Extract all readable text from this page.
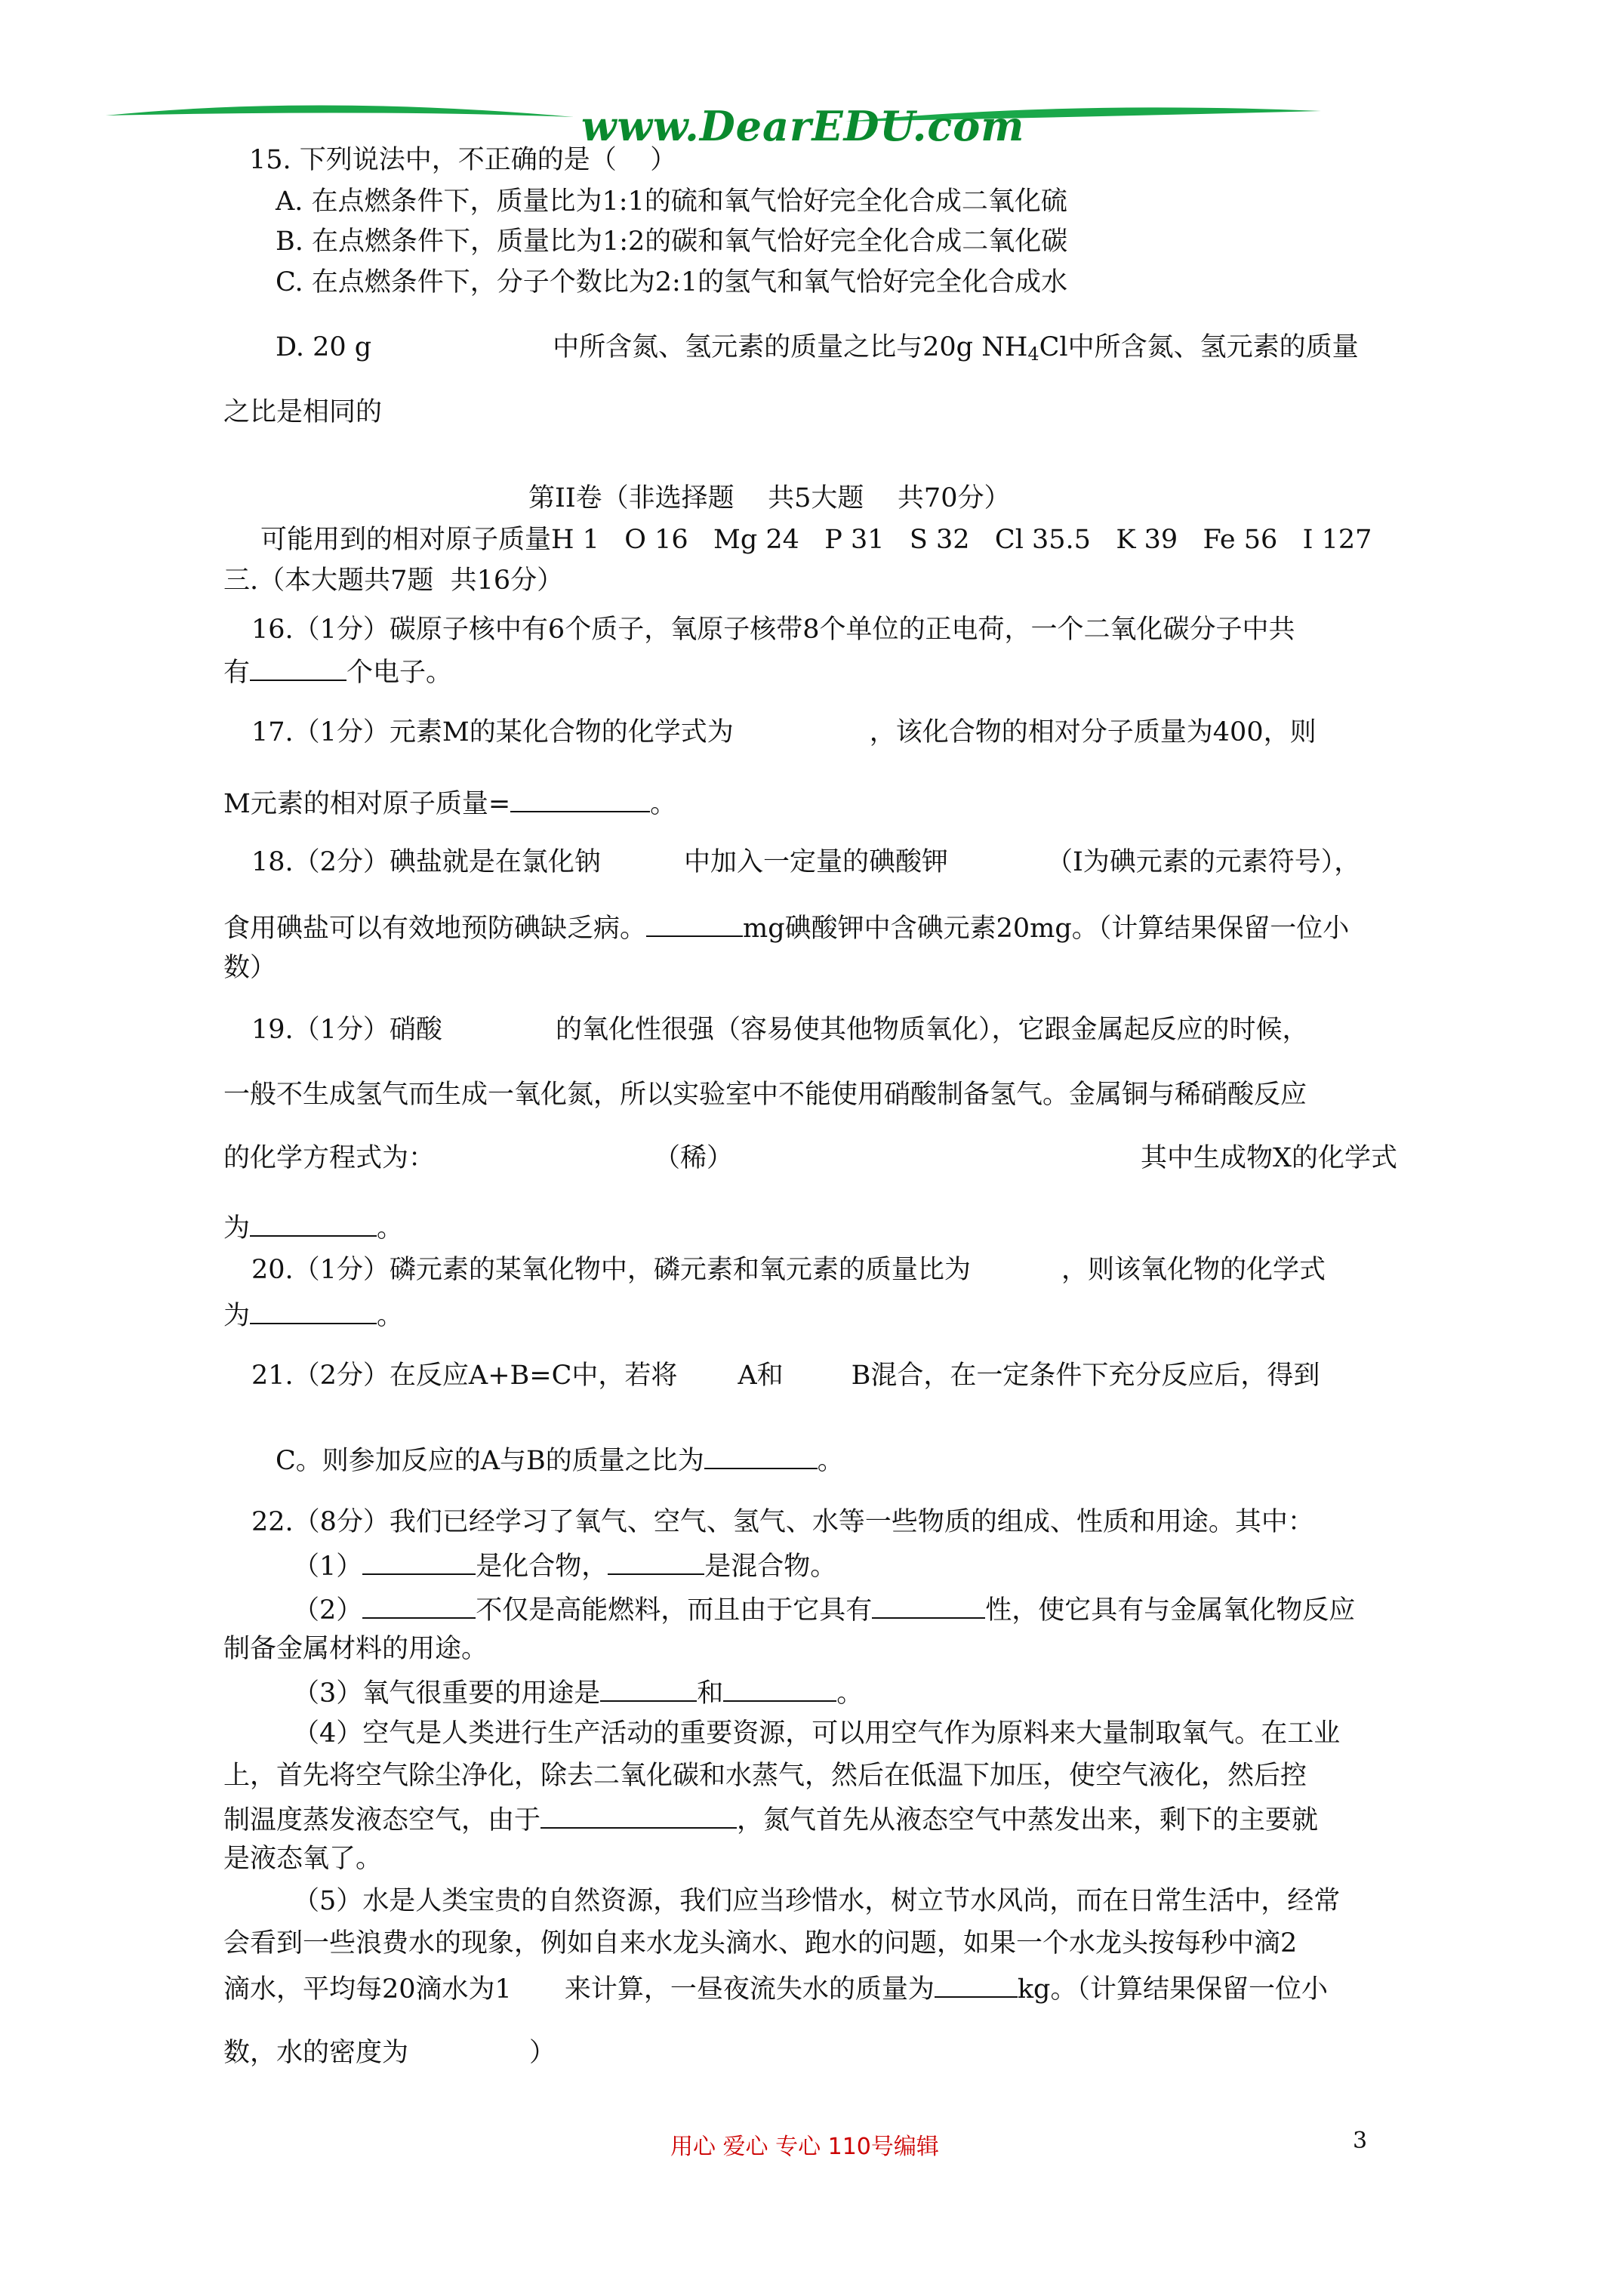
www.DearEDU.com
15. 下列说法中，不正确的是（    ）
A. 在点燃条件下，质量比为1:1的硫和氧气恰好完全化合成二氧化硫
B. 在点燃条件下，质量比为1:2的碳和氧气恰好完全化合成二氧化碳
C. 在点燃条件下，分子个数比为2:1的氢气和氧气恰好完全化合成水
D. 20 g	中所含氮、氢元素的质量之比与20g $NH_4Cl$中所含氮、氢元素的质量
之比是相同的
第II卷（非选择题    共5大题    共70分）
可能用到的相对原子质量H 1   O 16   Mg 24   P 31   S 32   Cl 35.5   K 39   Fe 56   I 127
三.（本大题共7题  共16分）
16.（1分）碳原子核中有6个质子，氧原子核带8个单位的正电荷，一个二氧化碳分子中共
有	个电子。
17.（1分）元素M的某化合物的化学式为	，该化合物的相对分子质量为400，则
M元素的相对原子质量=	。
18.（2分）碘盐就是在氯化钠	中加入一定量的碘酸钾	（I为碘元素的元素符号），
食用碘盐可以有效地预防碘缺乏病。	mg碘酸钾中含碘元素20mg。（计算结果保留一位小
数）
19.（1分）硝酸	的氧化性很强（容易使其他物质氧化），它跟金属起反应的时候，
一般不生成氢气而生成一氧化氮，所以实验室中不能使用硝酸制备氢气。金属铜与稀硝酸反应
的化学方程式为：	（稀）	其中生成物X的化学式
为	。
20.（1分）磷元素的某氧化物中，磷元素和氧元素的质量比为	，则该氧化物的化学式
为	。
21.（2分）在反应A+B=C中，若将 A和	B混合，在一定条件下充分反应后，得到
C。则参加反应的A与B的质量之比为	。
22.（8分）我们已经学习了氧气、空气、氢气、水等一些物质的组成、性质和用途。其中：
（1）	是化合物，	是混合物。
（2）	不仅是高能燃料，而且由于它具有	性，使它具有与金属氧化物反应
制备金属材料的用途。
（3）氧气很重要的用途是	和	。
（4）空气是人类进行生产活动的重要资源，可以用空气作为原料来大量制取氧气。在工业
上，首先将空气除尘净化，除去二氧化碳和水蒸气，然后在低温下加压，使空气液化，然后控
制温度蒸发液态空气，由于	，氮气首先从液态空气中蒸发出来，剩下的主要就
是液态氧了。
（5）水是人类宝贵的自然资源，我们应当珍惜水，树立节水风尚，而在日常生活中，经常
会看到一些浪费水的现象，例如自来水龙头滴水、跑水的问题，如果一个水龙头按每秒中滴2
滴水，平均每20滴水为1 来计算，一昼夜流失水的质量为	kg。（计算结果保留一位小
数，水的密度为	）
用心 爱心 专心 110号编辑	3
